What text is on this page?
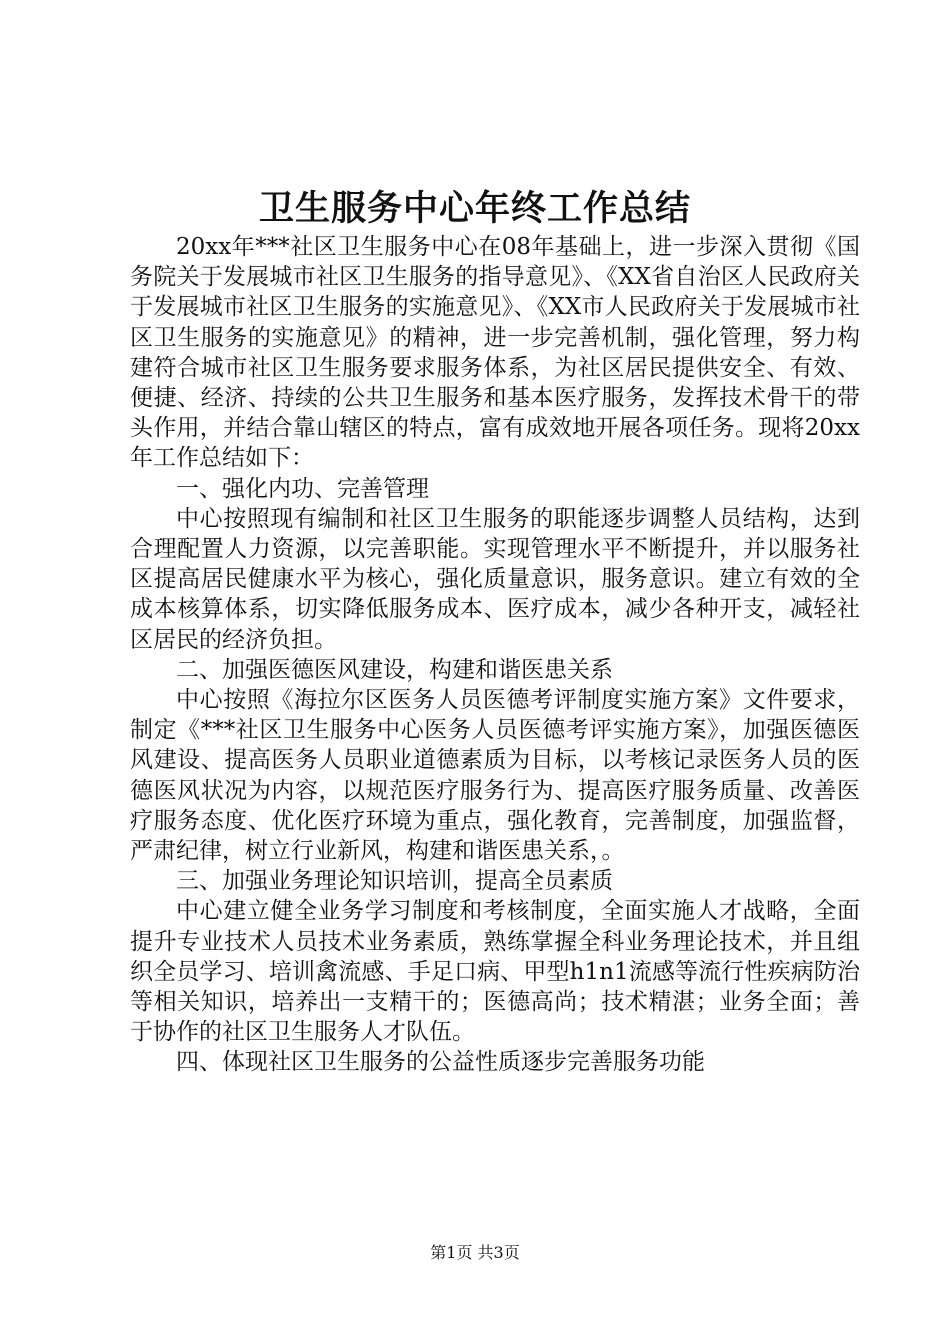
卫生服务中心年终工作总结

20xx年***社区卫生服务中心在08年基础上，进一步深入贯彻《国务院关于发展城市社区卫生服务的指导意见》、《XX省自治区人民政府关于发展城市社区卫生服务的实施意见》、《XX市人民政府关于发展城市社区卫生服务的实施意见》的精神，进一步完善机制，强化管理，努力构建符合城市社区卫生服务要求服务体系，为社区居民提供安全、有效、便捷、经济、持续的公共卫生服务和基本医疗服务，发挥技术骨干的带头作用，并结合靠山辖区的特点，富有成效地开展各项任务。现将20xx年工作总结如下：

一、强化内功、完善管理

中心按照现有编制和社区卫生服务的职能逐步调整人员结构，达到合理配置人力资源，以完善职能。实现管理水平不断提升，并以服务社区提高居民健康水平为核心，强化质量意识，服务意识。建立有效的全成本核算体系，切实降低服务成本、医疗成本，减少各种开支，减轻社区居民的经济负担。

二、加强医德医风建设，构建和谐医患关系

中心按照《海拉尔区医务人员医德考评制度实施方案》文件要求，制定《***社区卫生服务中心医务人员医德考评实施方案》，加强医德医风建设、提高医务人员职业道德素质为目标，以考核记录医务人员的医德医风状况为内容，以规范医疗服务行为、提高医疗服务质量、改善医疗服务态度、优化医疗环境为重点，强化教育，完善制度，加强监督，严肃纪律，树立行业新风，构建和谐医患关系，。

三、加强业务理论知识培训，提高全员素质

中心建立健全业务学习制度和考核制度，全面实施人才战略，全面提升专业技术人员技术业务素质，熟练掌握全科业务理论技术，并且组织全员学习、培训禽流感、手足口病、甲型h1n1流感等流行性疾病防治等相关知识，培养出一支精干的；医德高尚；技术精湛；业务全面；善于协作的社区卫生服务人才队伍。

四、体现社区卫生服务的公益性质逐步完善服务功能

第1页 共3页
